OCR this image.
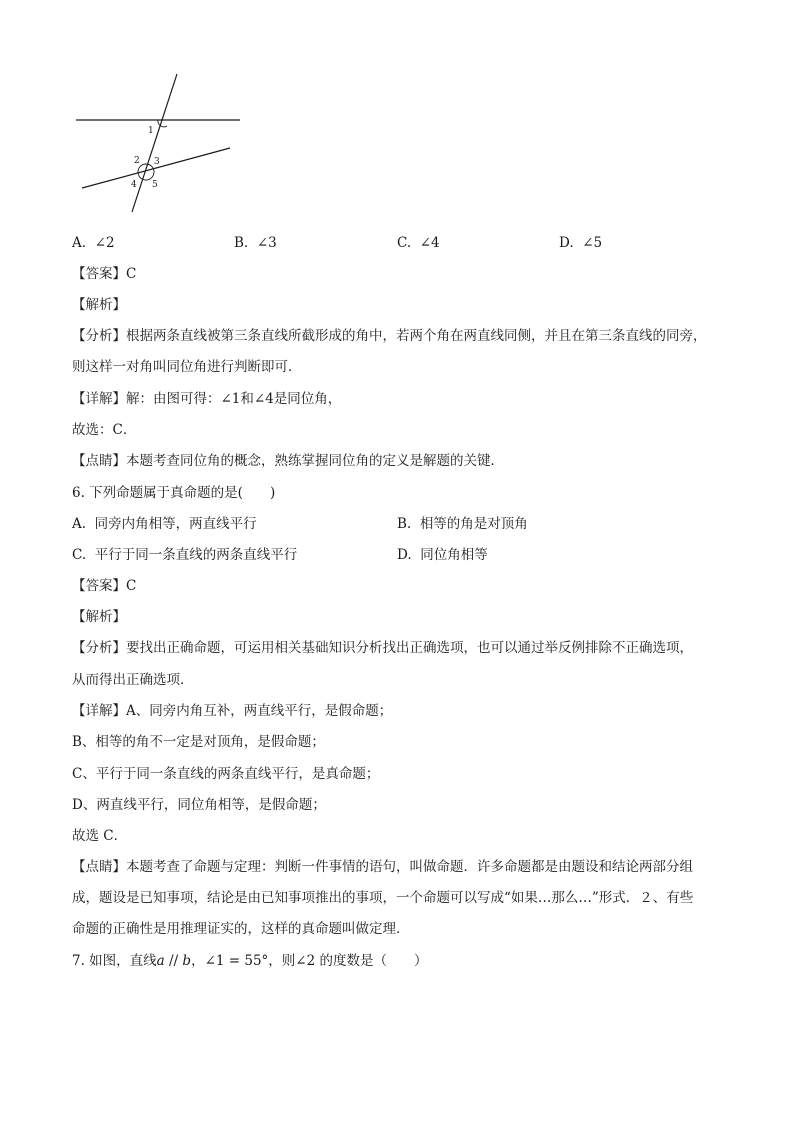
1
2 3
4 5
A. ∠2	B. ∠3	C. ∠4	D. ∠5
【答案】C
【解析】
【分析】根据两条直线被第三条直线所截形成的角中，若两个角在两直线同侧，并且在第三条直线的同旁，
则这样一对角叫同位角进行判断即可．
【详解】解：由图可得：∠1和∠4是同位角，
故选：C．
【点睛】本题考查同位角的概念，熟练掌握同位角的定义是解题的关键．
6. 下列命题属于真命题的是(　　)
A. 同旁内角相等，两直线平行	B. 相等的角是对顶角
C. 平行于同一条直线的两条直线平行	D. 同位角相等
【答案】C
【解析】
【分析】要找出正确命题，可运用相关基础知识分析找出正确选项，也可以通过举反例排除不正确选项，
从而得出正确选项．
【详解】A、同旁内角互补，两直线平行，是假命题；
B、相等的角不一定是对顶角，是假命题；
C、平行于同一条直线的两条直线平行，是真命题；
D、两直线平行，同位角相等，是假命题；
故选 C．
【点睛】本题考查了命题与定理：判断一件事情的语句，叫做命题．许多命题都是由题设和结论两部分组
成，题设是已知事项，结论是由已知事项推出的事项，一个命题可以写成“如果…那么…”形式．２、有些
命题的正确性是用推理证实的，这样的真命题叫做定理．
7. 如图，直线a // b，∠1 = 55°，则∠2 的度数是（　　）
